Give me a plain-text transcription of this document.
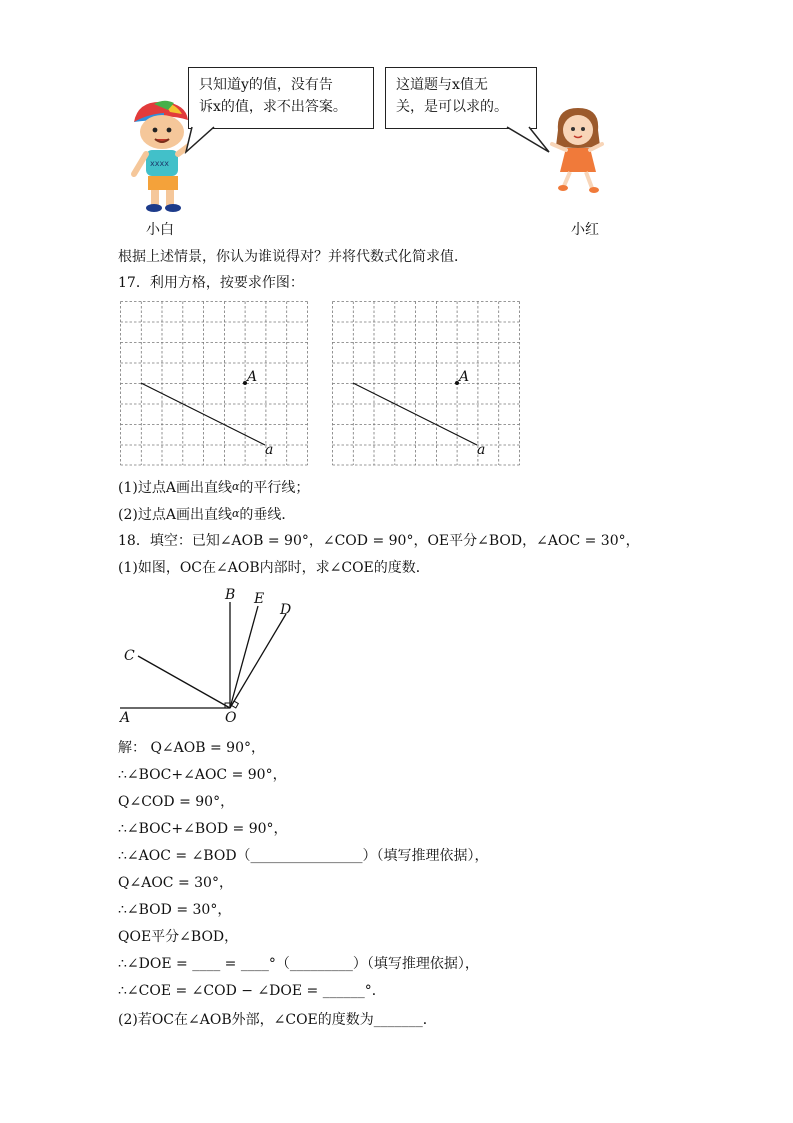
xxxx
只知道y的值，没有告
诉x的值，求不出答案。
这道题与x值无
关，是可以求的。
小白	小红
根据上述情景，你认为谁说得对？并将代数式化简求值．
17．利用方格，按要求作图：
A
a
A
a
(1)过点A画出直线α的平行线；
(2)过点A画出直线α的垂线．
18．填空：已知∠AOB = 90°，∠COD = 90°，OE平分∠BOD，∠AOC = 30°，
(1)如图，OC在∠AOB内部时，求∠COE的度数．
B E
D
C
A	O
解： Q∠AOB = 90°，
∴∠BOC+∠AOC = 90°，
Q∠COD = 90°，
∴∠BOC+∠BOD = 90°，
∴∠AOC = ∠BOD（________________）（填写推理依据），
Q∠AOC = 30°，
∴∠BOD = 30°，
QOE平分∠BOD，
∴∠DOE = ____ = ____°（_________）（填写推理依据），
∴∠COE = ∠COD − ∠DOE = ______°．
(2)若OC在∠AOB外部，∠COE的度数为_______．
